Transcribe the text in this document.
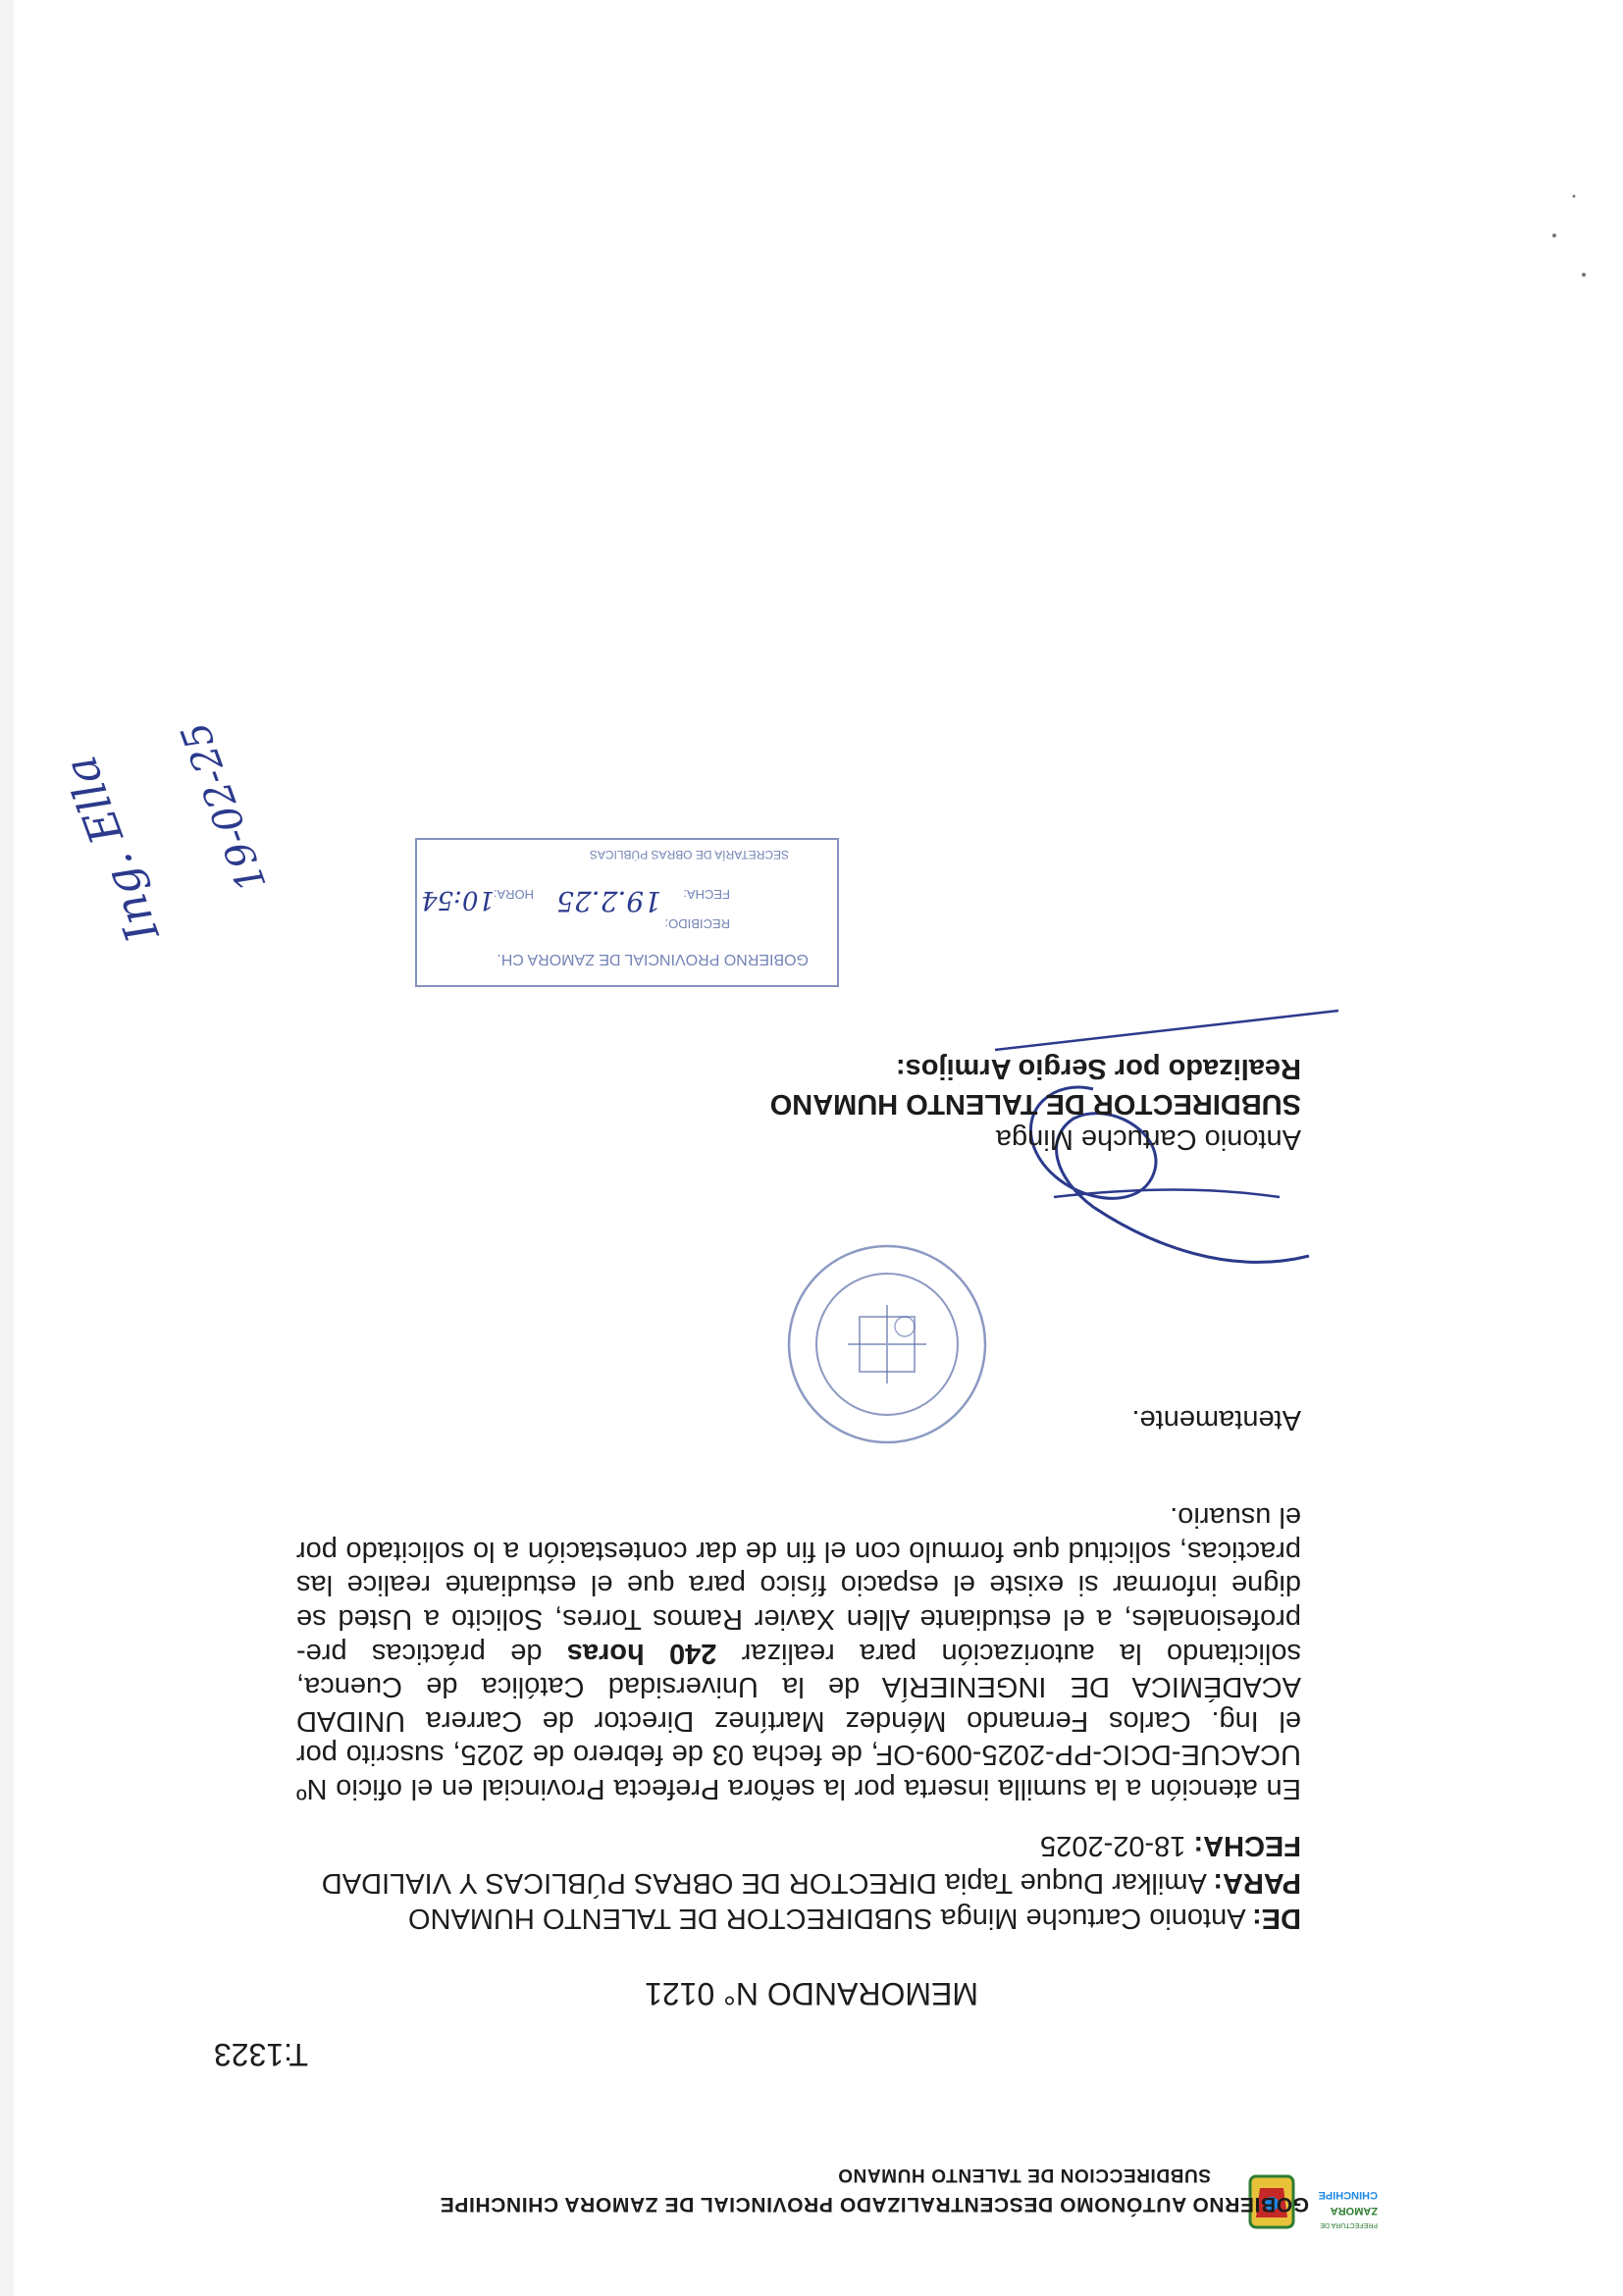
ZAMORA
CHINCHIPE
PREFECTURA DE
GOBIERNO AUTÓNOMO DESCENTRALIZADO PROVINCIAL DE ZAMORA CHINCHIPE
SUBDIRECCION DE TALENTO HUMANO
T:1323
MEMORANDO N° 0121
DE: Antonio Cartuche Minga SUBDIRECTOR DE TALENTO HUMANO
PARA: Amilkar Duque Tapia DIRECTOR DE OBRAS PÚBLICAS Y VIALIDAD
FECHA: 18-02-2025
En atención a la sumilla inserta por la señora Prefecta Provincial en el oficio Nº UCACUE-DCIC-PP-2025-009-OF, de fecha 03 de febrero de 2025, suscrito por el Ing. Carlos Fernando Méndez Martínez Director de Carrera UNIDAD ACADÉMICA DE INGENIERÍA de la Universidad Católica de Cuenca, solicitando la autorización para realizar 240 horas de prácticas pre-profesionales, a el estudiante Allen Xavier Ramos Torres, Solicito a Usted se digne informar si existe el espacio físico para que el estudiante realice las practicas, solicitud que formulo con el fin de dar contestación a lo solicitado por el usuario.
Atentamente.
Antonio Cartuche Minga
SUBDIRECTOR DE TALENTO HUMANO
Realizado por Sergio Armijos:
GOBIERNO PROVINCIAL DE ZAMORA CH.
RECIBIDO:
FECHA:
HORA:
SECRETARÍA DE OBRAS PÚBLICAS
19.2.25
10:54
Ing. Ella 19-02-25
